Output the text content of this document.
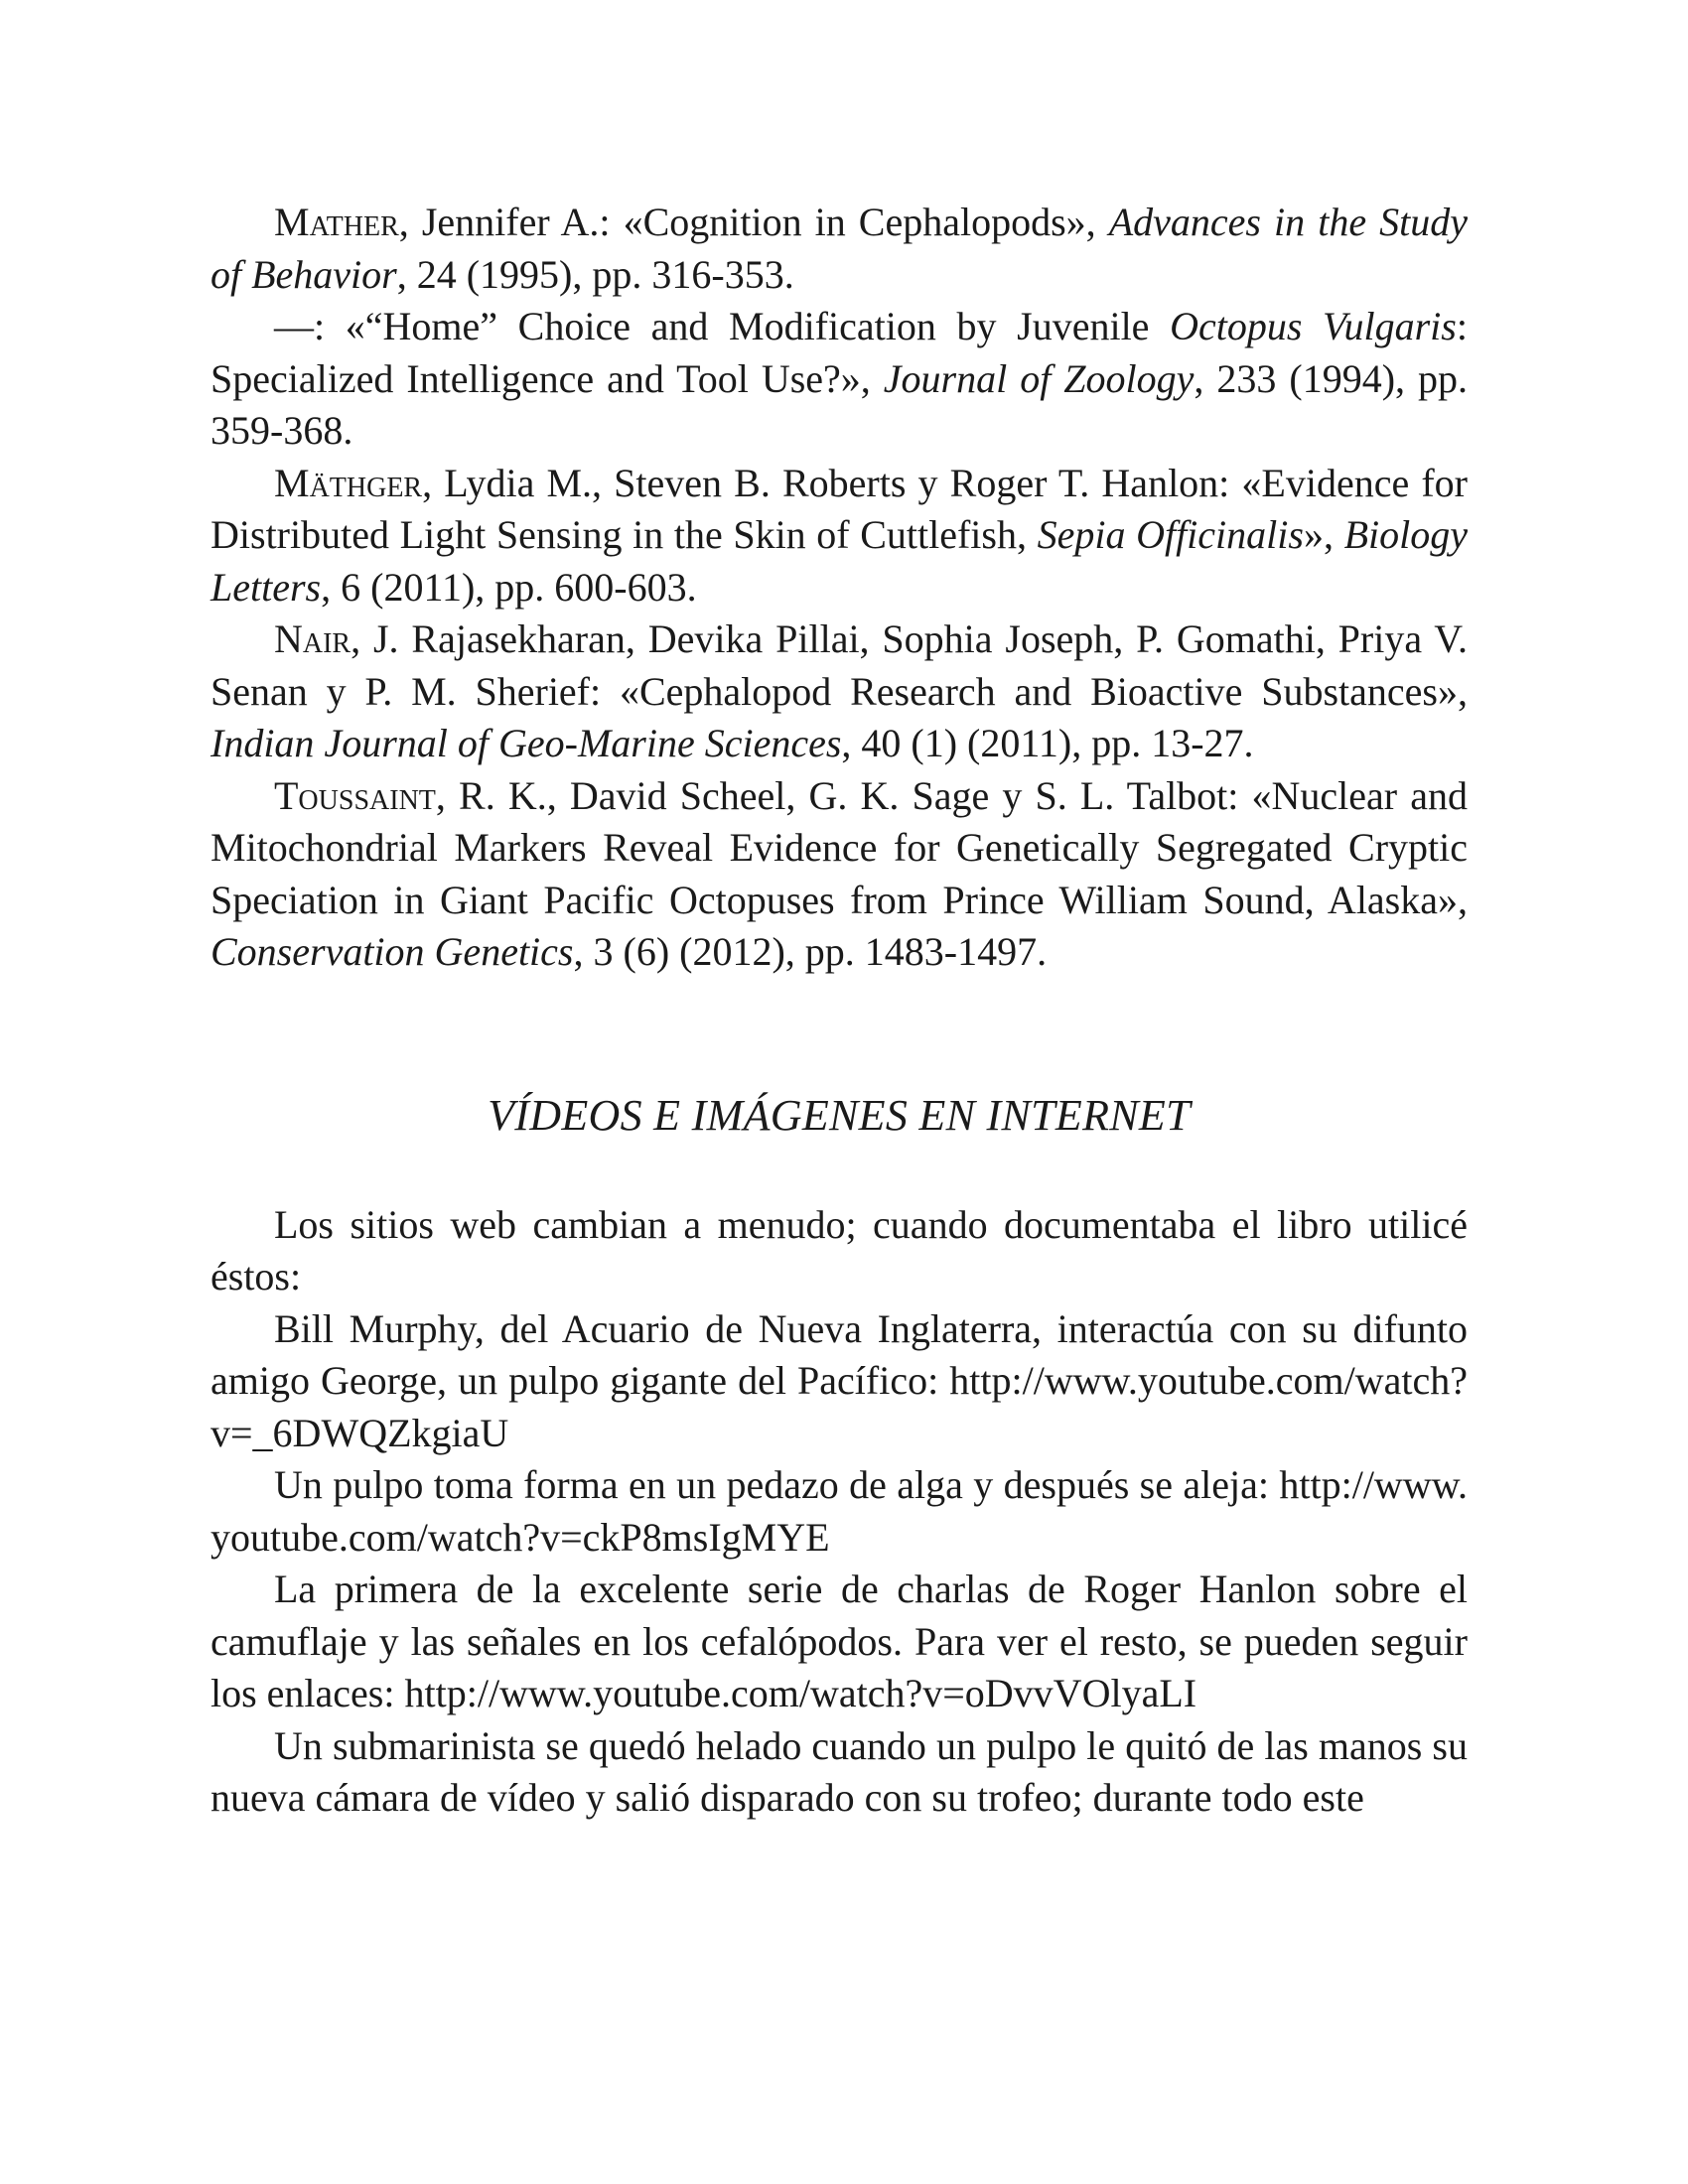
Mather, Jennifer A.: «Cognition in Cephalopods», Advances in the Study of Behavior, 24 (1995), pp. 316-353.

—: «“Home” Choice and Modification by Juvenile Octopus Vulgaris: Specialized Intelligence and Tool Use?», Journal of Zoology, 233 (1994), pp. 359-368.

Mäthger, Lydia M., Steven B. Roberts y Roger T. Hanlon: «Evidence for Distributed Light Sensing in the Skin of Cuttlefish, Sepia Officinalis», Biology Letters, 6 (2011), pp. 600-603.

Nair, J. Rajasekharan, Devika Pillai, Sophia Joseph, P. Gomathi, Priya V. Senan y P. M. Sherief: «Cephalopod Research and Bioactive Substances», Indian Journal of Geo-Marine Sciences, 40 (1) (2011), pp. 13-27.

Toussaint, R. K., David Scheel, G. K. Sage y S. L. Talbot: «Nuclear and Mitochondrial Markers Reveal Evidence for Genetically Segregated Cryptic Speciation in Giant Pacific Octopuses from Prince William Sound, Alaska», Conservation Genetics, 3 (6) (2012), pp. 1483-1497.

VÍDEOS E IMÁGENES EN INTERNET

Los sitios web cambian a menudo; cuando documentaba el libro utilicé éstos:

Bill Murphy, del Acuario de Nueva Inglaterra, interactúa con su difunto amigo George, un pulpo gigante del Pacífico: http://www.youtube.com/watch?v=_6DWQZkgiaU

Un pulpo toma forma en un pedazo de alga y después se aleja: http://www.youtube.com/watch?v=ckP8msIgMYE

La primera de la excelente serie de charlas de Roger Hanlon sobre el camuflaje y las señales en los cefalópodos. Para ver el resto, se pueden seguir los enlaces: http://www.youtube.com/watch?v=oDvvVOlyaLI

Un submarinista se quedó helado cuando un pulpo le quitó de las manos su nueva cámara de vídeo y salió disparado con su trofeo; durante todo este
